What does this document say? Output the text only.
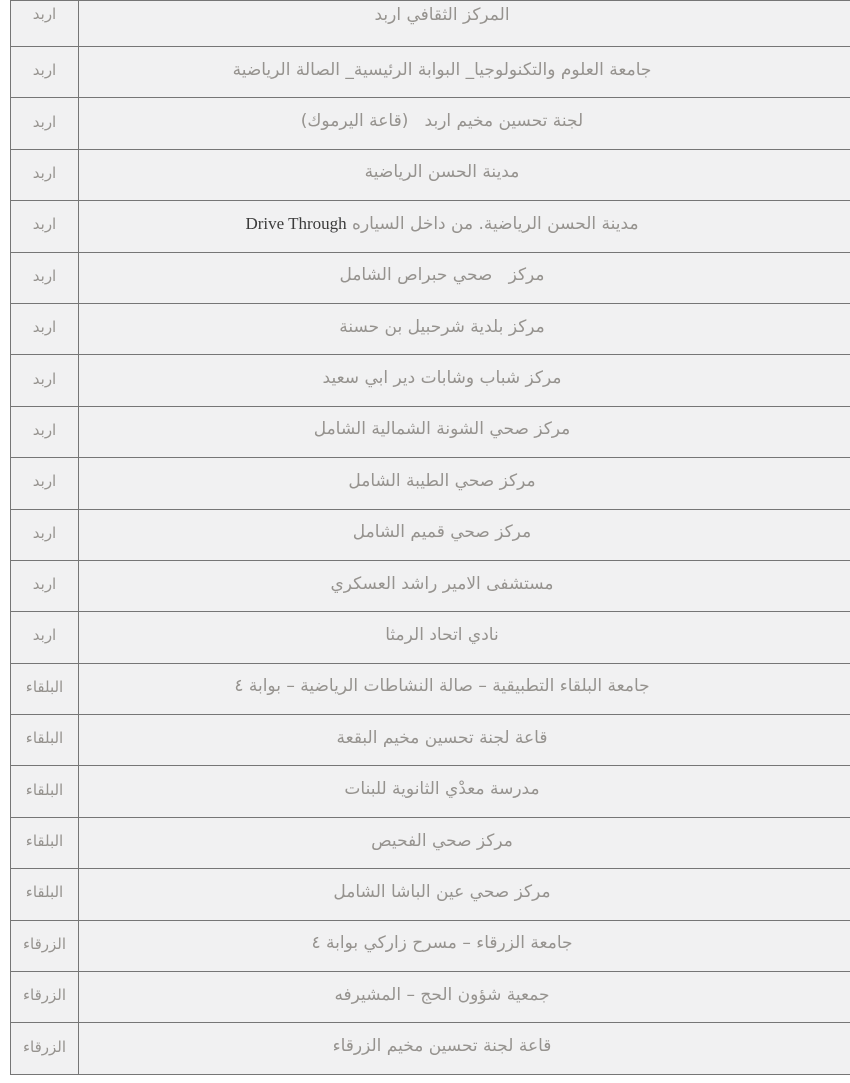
اربد	المركز الثقافي اربد
اربد	جامعة العلوم والتكنولوجيا_ البوابة الرئيسية_ الصالة الرياضية
اربد	لجنة تحسين مخيم اربد   (قاعة اليرموك)
اربد	مدينة الحسن الرياضية
اربد	مدينة الحسن الرياضية. من داخل السياره Drive Through
اربد	مركز   صحي حبراص الشامل
اربد	مركز بلدية شرحبيل بن حسنة
اربد	مركز شباب وشابات دير ابي سعيد
اربد	مركز صحي الشونة الشمالية الشامل
اربد	مركز صحي الطيبة الشامل
اربد	مركز صحي قميم الشامل
اربد	مستشفى الامير راشد العسكري
اربد	نادي اتحاد الرمثا
البلقاء	جامعة البلقاء التطبيقية – صالة النشاطات الرياضية – بوابة ٤
البلقاء	قاعة لجنة تحسين مخيم البقعة
البلقاء	مدرسة معدْي الثانوية للبنات
البلقاء	مركز صحي الفحيص
البلقاء	مركز صحي عين الباشا الشامل
الزرقاء	جامعة الزرقاء – مسرح زاركي بوابة ٤
الزرقاء	جمعية شؤون الحج – المشيرفه
الزرقاء	قاعة لجنة تحسين مخيم الزرقاء
